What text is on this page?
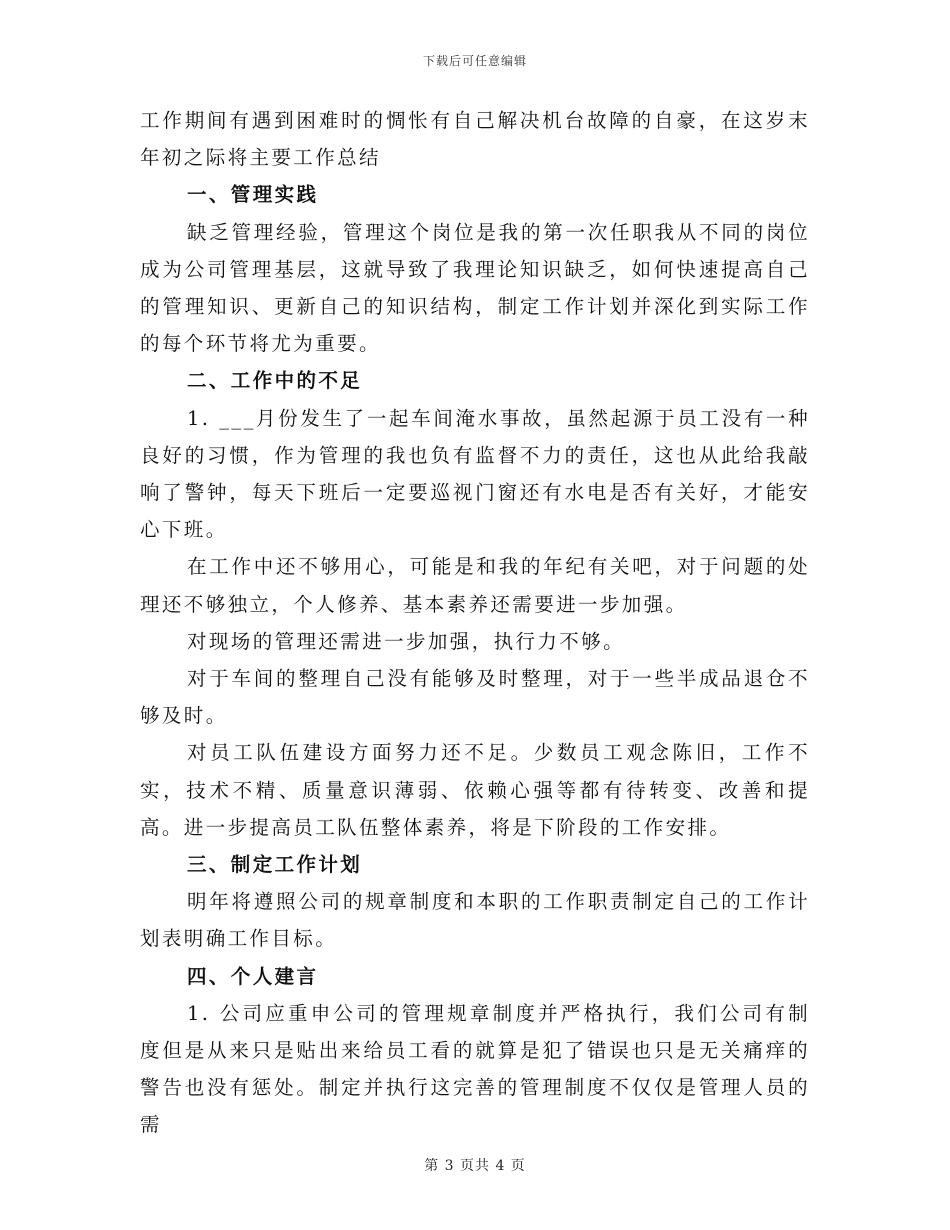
下载后可任意编辑

工作期间有遇到困难时的惆怅有自己解决机台故障的自豪，在这岁末年初之际将主要工作总结

一、管理实践

缺乏管理经验，管理这个岗位是我的第一次任职我从不同的岗位成为公司管理基层，这就导致了我理论知识缺乏，如何快速提高自己的管理知识、更新自己的知识结构，制定工作计划并深化到实际工作的每个环节将尤为重要。

二、工作中的不足

1. ___月份发生了一起车间淹水事故，虽然起源于员工没有一种良好的习惯，作为管理的我也负有监督不力的责任，这也从此给我敲响了警钟，每天下班后一定要巡视门窗还有水电是否有关好，才能安心下班。

在工作中还不够用心，可能是和我的年纪有关吧，对于问题的处理还不够独立，个人修养、基本素养还需要进一步加强。

对现场的管理还需进一步加强，执行力不够。

对于车间的整理自己没有能够及时整理，对于一些半成品退仓不够及时。

对员工队伍建设方面努力还不足。少数员工观念陈旧，工作不实，技术不精、质量意识薄弱、依赖心强等都有待转变、改善和提高。进一步提高员工队伍整体素养，将是下阶段的工作安排。

三、制定工作计划

明年将遵照公司的规章制度和本职的工作职责制定自己的工作计划表明确工作目标。

四、个人建言

1. 公司应重申公司的管理规章制度并严格执行，我们公司有制度但是从来只是贴出来给员工看的就算是犯了错误也只是无关痛痒的警告也没有惩处。制定并执行这完善的管理制度不仅仅是管理人员的需

第 3 页共 4 页
